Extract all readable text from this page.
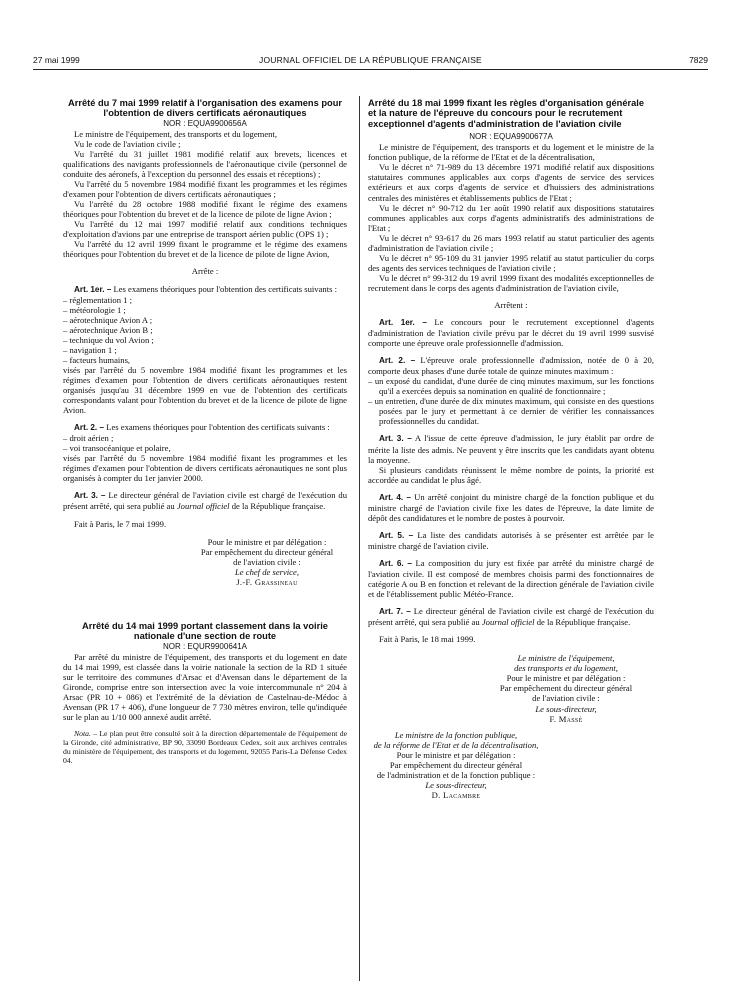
27 mai 1999	JOURNAL OFFICIEL DE LA RÉPUBLIQUE FRANÇAISE	7829

Arrêté du 7 mai 1999 relatif à l'organisation des examens pour l'obtention de divers certificats aéronautiques

NOR : EQUA9900656A

Le ministre de l'équipement, des transports et du logement,

Vu le code de l'aviation civile ;

Vu l'arrêté du 31 juillet 1981 modifié relatif aux brevets, licences et qualifications des navigants professionnels de l'aéronautique civile (personnel de conduite des aéronefs, à l'exception du personnel des essais et réceptions) ;

Vu l'arrêté du 5 novembre 1984 modifié fixant les programmes et les régimes d'examen pour l'obtention de divers certificats aéronautiques ;

Vu l'arrêté du 28 octobre 1988 modifié fixant le régime des examens théoriques pour l'obtention du brevet et de la licence de pilote de ligne Avion ;

Vu l'arrêté du 12 mai 1997 modifié relatif aux conditions techniques d'exploitation d'avions par une entreprise de transport aérien public (OPS 1) ;

Vu l'arrêté du 12 avril 1999 fixant le programme et le régime des examens théoriques pour l'obtention du brevet et de la licence de pilote de ligne Avion,

Arrête :

Art. 1er. – Les examens théoriques pour l'obtention des certificats suivants :

– réglementation 1 ;
– météorologie 1 ;
– aérotechnique Avion A ;
– aérotechnique Avion B ;
– technique du vol Avion ;
– navigation 1 ;
– facteurs humains,

visés par l'arrêté du 5 novembre 1984 modifié fixant les programmes et les régimes d'examen pour l'obtention de divers certificats aéronautiques restent organisés jusqu'au 31 décembre 1999 en vue de l'obtention des certificats correspondants valant pour l'obtention du brevet et de la licence de pilote de ligne Avion.

Art. 2. – Les examens théoriques pour l'obtention des certificats suivants :

– droit aérien ;
– voi transocéanique et polaire,

visés par l'arrêté du 5 novembre 1984 modifié fixant les programmes et les régimes d'examen pour l'obtention de divers certificats aéronautiques ne sont plus organisés à compter du 1er janvier 2000.

Art. 3. – Le directeur général de l'aviation civile est chargé de l'exécution du présent arrêté, qui sera publié au Journal officiel de la République française.

Fait à Paris, le 7 mai 1999.

Pour le ministre et par délégation :

Par empêchement du directeur général

de l'aviation civile :

Le chef de service,

J.-F. Grassineau

Arrêté du 14 mai 1999 portant classement dans la voirie nationale d'une section de route

NOR : EQUR9900641A

Par arrêté du ministre de l'équipement, des transports et du logement en date du 14 mai 1999, est classée dans la voirie nationale la section de la RD 1 située sur le territoire des communes d'Arsac et d'Avensan dans le département de la Gironde, comprise entre son intersection avec la voie intercommunale n° 204 à Arsac (PR 10 + 086) et l'extrémité de la déviation de Castelnau-de-Médoc à Avensan (PR 17 + 406), d'une longueur de 7 730 mètres environ, telle qu'indiquée sur le plan au 1/10 000 annexé audit arrêté.

Nota. – Le plan peut être consulté soit à la direction départementale de l'équipement de la Gironde, cité administrative, BP 90, 33090 Bordeaux Cedex, soit aux archives centrales du ministère de l'équipement, des transports et du logement, 92055 Paris-La Défense Cedex 04.

Arrêté du 18 mai 1999 fixant les règles d'organisation générale et la nature de l'épreuve du concours pour le recrutement exceptionnel d'agents d'administration de l'aviation civile

NOR : EQUA9900677A

Le ministre de l'équipement, des transports et du logement et le ministre de la fonction publique, de la réforme de l'Etat et de la décentralisation,

Vu le décret n° 71-989 du 13 décembre 1971 modifié relatif aux dispositions statutaires communes applicables aux corps d'agents de service des services extérieurs et aux corps d'agents de service et d'huissiers des administrations centrales des ministères et établissements publics de l'Etat ;

Vu le décret n° 90-712 du 1er août 1990 relatif aux dispositions statutaires communes applicables aux corps d'agents administratifs des administrations de l'Etat ;

Vu le décret n° 93-617 du 26 mars 1993 relatif au statut particulier des agents d'administration de l'aviation civile ;

Vu le décret n° 95-109 du 31 janvier 1995 relatif au statut particulier du corps des agents des services techniques de l'aviation civile ;

Vu le décret n° 99-312 du 19 avril 1999 fixant des modalités exceptionnelles de recrutement dans le corps des agents d'administration de l'aviation civile,

Arrêtent :

Art. 1er. – Le concours pour le recrutement exceptionnel d'agents d'administration de l'aviation civile prévu par le décret du 19 avril 1999 susvisé comporte une épreuve orale professionnelle d'admission.

Art. 2. – L'épreuve orale professionnelle d'admission, notée de 0 à 20, comporte deux phases d'une durée totale de quinze minutes maximum :

– un exposé du candidat, d'une durée de cinq minutes maximum, sur les fonctions qu'il a exercées depuis sa nomination en qualité de fonctionnaire ;
– un entretien, d'une durée de dix minutes maximum, qui consiste en des questions posées par le jury et permettant à ce dernier de vérifier les connaissances professionnelles du candidat.

Art. 3. – A l'issue de cette épreuve d'admission, le jury établit par ordre de mérite la liste des admis. Ne peuvent y être inscrits que les candidats ayant obtenu la moyenne.

Si plusieurs candidats réunissent le même nombre de points, la priorité est accordée au candidat le plus âgé.

Art. 4. – Un arrêté conjoint du ministre chargé de la fonction publique et du ministre chargé de l'aviation civile fixe les dates de l'épreuve, la date limite de dépôt des candidatures et le nombre de postes à pourvoir.

Art. 5. – La liste des candidats autorisés à se présenter est arrêtée par le ministre chargé de l'aviation civile.

Art. 6. – La composition du jury est fixée par arrêté du ministre chargé de l'aviation civile. Il est composé de membres choisis parmi des fonctionnaires de catégorie A ou B en fonction et relevant de la direction générale de l'aviation civile et de l'établissement public Météo-France.

Art. 7. – Le directeur général de l'aviation civile est chargé de l'exécution du présent arrêté, qui sera publié au Journal officiel de la République française.

Fait à Paris, le 18 mai 1999.

Le ministre de l'équipement,

des transports et du logement,

Pour le ministre et par délégation :

Par empêchement du directeur général

de l'aviation civile :

Le sous-directeur,

F. Massé

Le ministre de la fonction publique,

de la réforme de l'Etat et de la décentralisation,

Pour le ministre et par délégation :

Par empêchement du directeur général

de l'administration et de la fonction publique :

Le sous-directeur,

D. Lacambre
